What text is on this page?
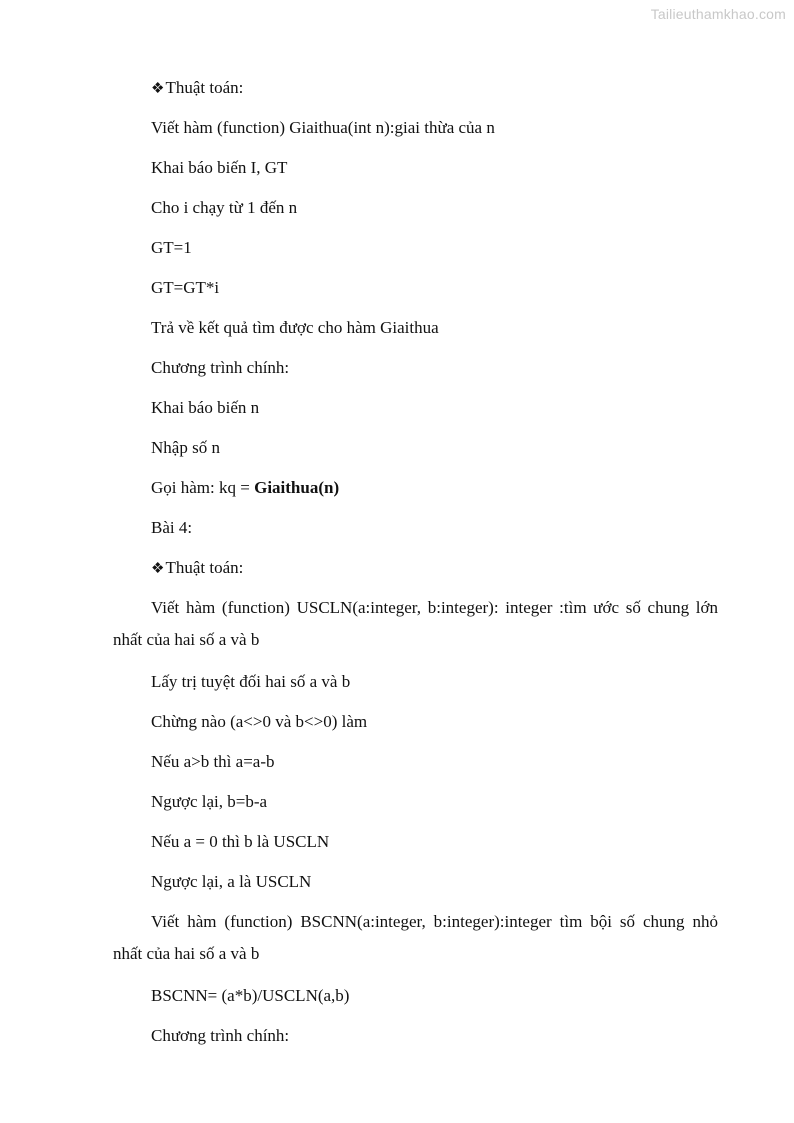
Tailieuthamkhao.com
❖Thuật toán:
Viết hàm (function) Giaithua(int n):giai thừa của n
Khai báo biến I, GT
Cho i chạy từ 1 đến n
GT=1
GT=GT*i
Trả về kết quả tìm được cho hàm Giaithua
Chương trình chính:
Khai báo biến n
Nhập số n
Gọi hàm: kq = Giaithua(n)
Bài 4:
❖Thuật toán:
Viết hàm (function) USCLN(a:integer, b:integer): integer :tìm ước số chung lớn nhất của hai số a và b
Lấy trị tuyệt đối hai số a và b
Chừng nào (a<>0 và b<>0) làm
Nếu a>b thì a=a-b
Ngược lại, b=b-a
Nếu a = 0 thì b là USCLN
Ngược lại, a là USCLN
Viết hàm (function) BSCNN(a:integer, b:integer):integer tìm bội số chung nhỏ nhất của hai số a và b
BSCNN= (a*b)/USCLN(a,b)
Chương trình chính:
